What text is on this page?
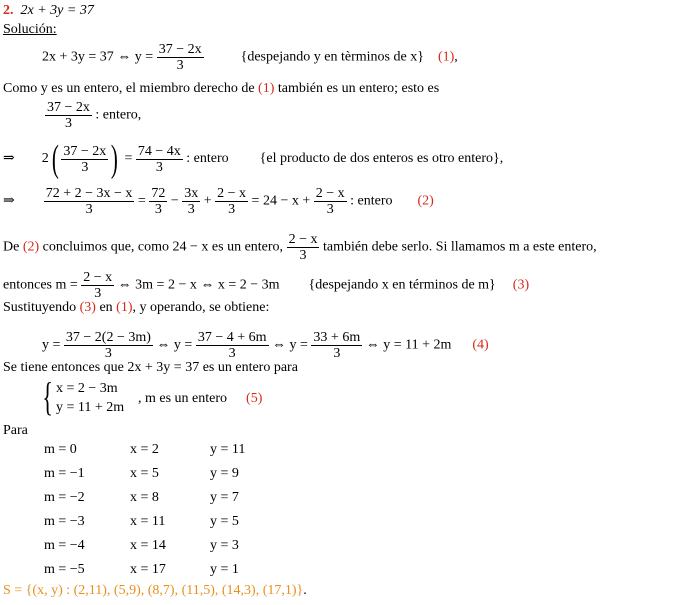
2. 2x + 3y = 37
Solución:
2x + 3y = 37 ⇔ $y = \frac{37 - 2x}{3}$	{despejando y en tèrminos de x} (1),
Como y es un entero, el miembro derecho de (1) también es un entero; esto es
$\frac{37 - 2x}{3}$ : entero,
⇒ $2( \frac{37 - 2x}{3}$ ) = $\frac{74 - 4x}{3}$ : entero {el producto de dos enteros es otro entero},
⇒ $\frac{72 + 2 - 3x - x}{3} = \frac{72}{3} - \frac{3x}{3} + \frac{2 - x}{3} = 24 - x + \frac{2 - x}{3}$ : entero (2)
De (2) concluimos que, como 24 − x es un entero, $\frac{2 - x}{3}$ también debe serlo. Si llamamos m a este entero,
entonces $m = \frac{2 - x}{3}$ ⇔ 3m = 2 − x ⇔ x = 2 − 3m {despejando x en términos de m} (3)
Sustituyendo (3) en (1), y operando, se obtiene:
$y = \frac{37 - 2(2 - 3m)}{3}$ ⇔ $y = \frac{37 - 4 + 6m}{3}$ ⇔ $y = \frac{33 + 6m}{3}$ ⇔ y = 11 + 2m (4)
Se tiene entonces que 2x + 3y = 37 es un entero para
{ x = 2 − 3m
y = 11 + 2m
, m es un entero (5)
Para
m = 0	x = 2	y = 11
m = −1	x = 5	y = 9
m = −2	x = 8	y = 7
m = −3	x = 11	y = 5
m = −4	x = 14	y = 3
m = −5	x = 17	y = 1
S = {(x, y) : (2,11), (5,9), (8,7), (11,5), (14,3), (17,1)}.
